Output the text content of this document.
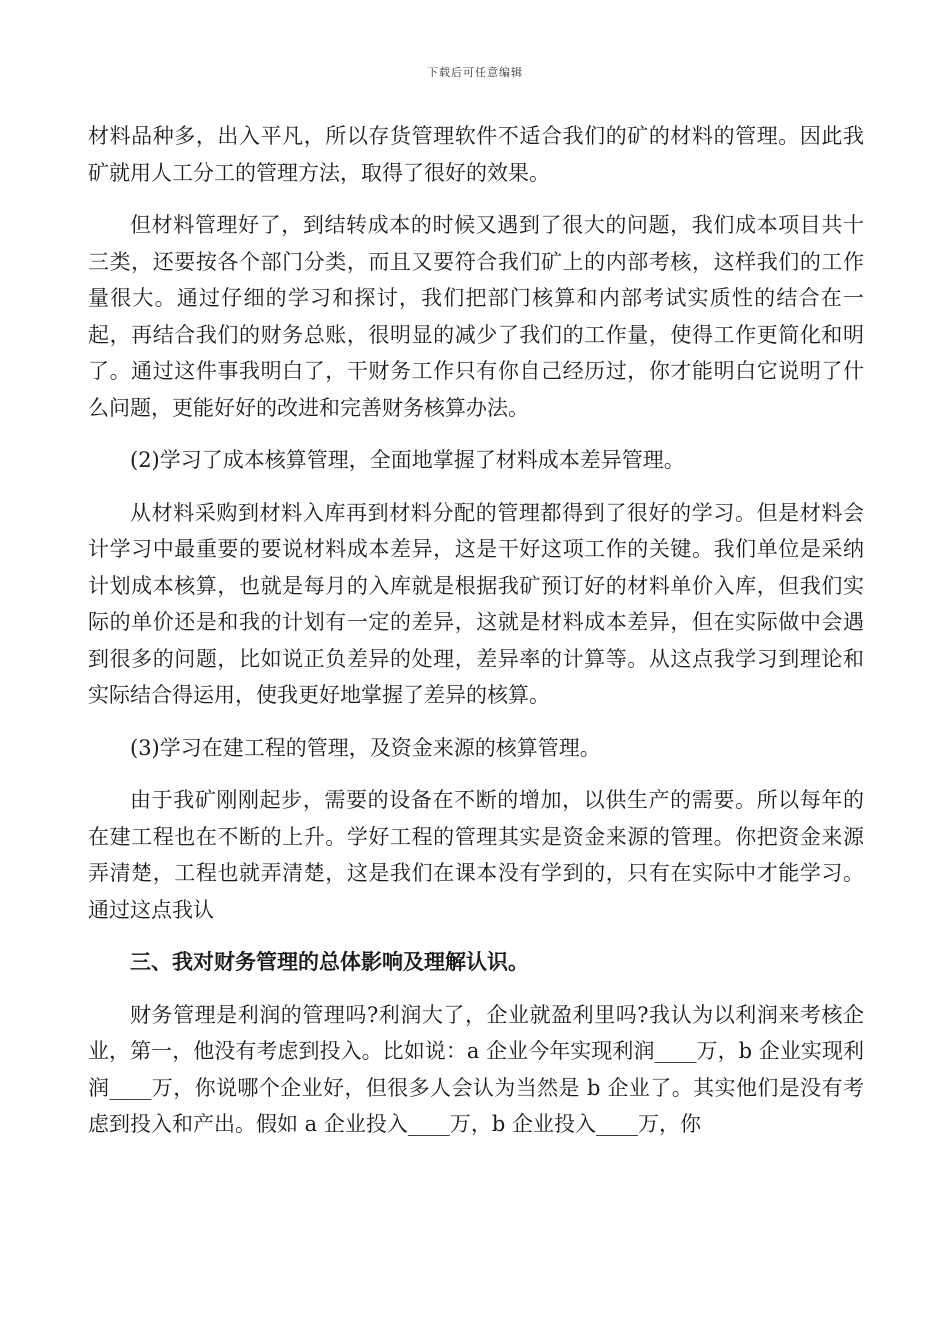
下载后可任意编辑

材料品种多，出入平凡，所以存货管理软件不适合我们的矿的材料的管理。因此我矿就用人工分工的管理方法，取得了很好的效果。

但材料管理好了，到结转成本的时候又遇到了很大的问题，我们成本项目共十三类，还要按各个部门分类，而且又要符合我们矿上的内部考核，这样我们的工作量很大。通过仔细的学习和探讨，我们把部门核算和内部考试实质性的结合在一起，再结合我们的财务总账，很明显的减少了我们的工作量，使得工作更简化和明了。通过这件事我明白了，干财务工作只有你自己经历过，你才能明白它说明了什么问题，更能好好的改进和完善财务核算办法。

(2)学习了成本核算管理，全面地掌握了材料成本差异管理。

从材料采购到材料入库再到材料分配的管理都得到了很好的学习。但是材料会计学习中最重要的要说材料成本差异，这是干好这项工作的关键。我们单位是采纳计划成本核算，也就是每月的入库就是根据我矿预订好的材料单价入库，但我们实际的单价还是和我的计划有一定的差异，这就是材料成本差异，但在实际做中会遇到很多的问题，比如说正负差异的处理，差异率的计算等。从这点我学习到理论和实际结合得运用，使我更好地掌握了差异的核算。

(3)学习在建工程的管理，及资金来源的核算管理。

由于我矿刚刚起步，需要的设备在不断的增加，以供生产的需要。所以每年的在建工程也在不断的上升。学好工程的管理其实是资金来源的管理。你把资金来源弄清楚，工程也就弄清楚，这是我们在课本没有学到的，只有在实际中才能学习。通过这点我认

三、我对财务管理的总体影响及理解认识。

财务管理是利润的管理吗?利润大了，企业就盈利里吗?我认为以利润来考核企业，第一，他没有考虑到投入。比如说：a 企业今年实现利润____万，b 企业实现利润____万，你说哪个企业好，但很多人会认为当然是 b 企业了。其实他们是没有考虑到投入和产出。假如 a 企业投入____万，b 企业投入____万，你
